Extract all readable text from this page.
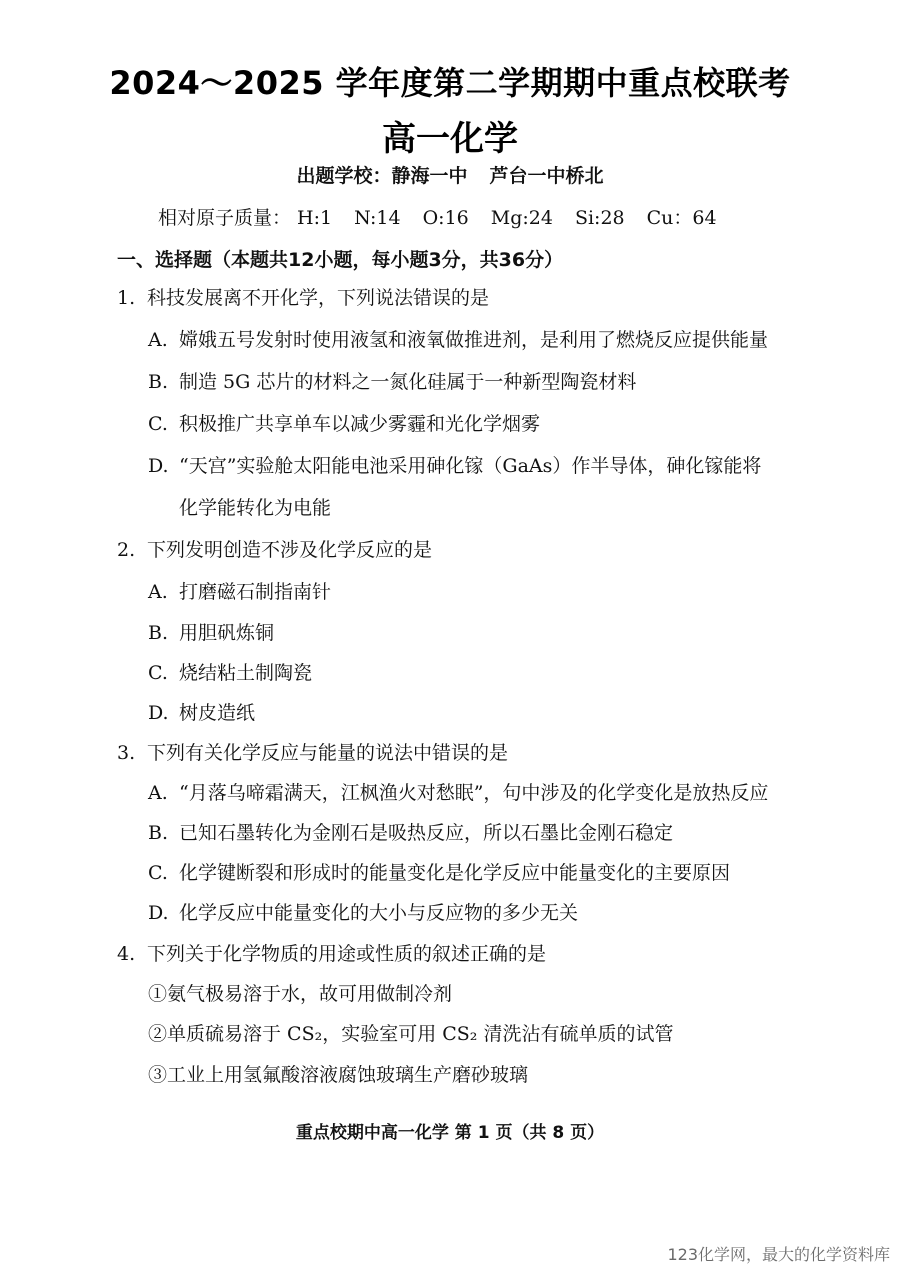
2024～2025 学年度第二学期期中重点校联考
高一化学
出题学校：静海一中 芦台一中桥北
相对原子质量： H:1 N:14 O:16 Mg:24 Si:28 Cu：64
一、选择题（本题共12小题，每小题3分，共36分）
1. 科技发展离不开化学，下列说法错误的是
A. 嫦娥五号发射时使用液氢和液氧做推进剂，是利用了燃烧反应提供能量
B. 制造 5G 芯片的材料之一氮化硅属于一种新型陶瓷材料
C. 积极推广共享单车以减少雾霾和光化学烟雾
D. “天宫”实验舱太阳能电池采用砷化镓（GaAs）作半导体，砷化镓能将
化学能转化为电能
2. 下列发明创造不涉及化学反应的是
A. 打磨磁石制指南针
B. 用胆矾炼铜
C. 烧结粘土制陶瓷
D. 树皮造纸
3. 下列有关化学反应与能量的说法中错误的是
A. “月落乌啼霜满天，江枫渔火对愁眠”，句中涉及的化学变化是放热反应
B. 已知石墨转化为金刚石是吸热反应，所以石墨比金刚石稳定
C. 化学键断裂和形成时的能量变化是化学反应中能量变化的主要原因
D. 化学反应中能量变化的大小与反应物的多少无关
4. 下列关于化学物质的用途或性质的叙述正确的是
①氨气极易溶于水，故可用做制冷剂
②单质硫易溶于 CS₂，实验室可用 CS₂ 清洗沾有硫单质的试管
③工业上用氢氟酸溶液腐蚀玻璃生产磨砂玻璃
重点校期中高一化学 第 1 页（共 8 页）
123化学网，最大的化学资料库
